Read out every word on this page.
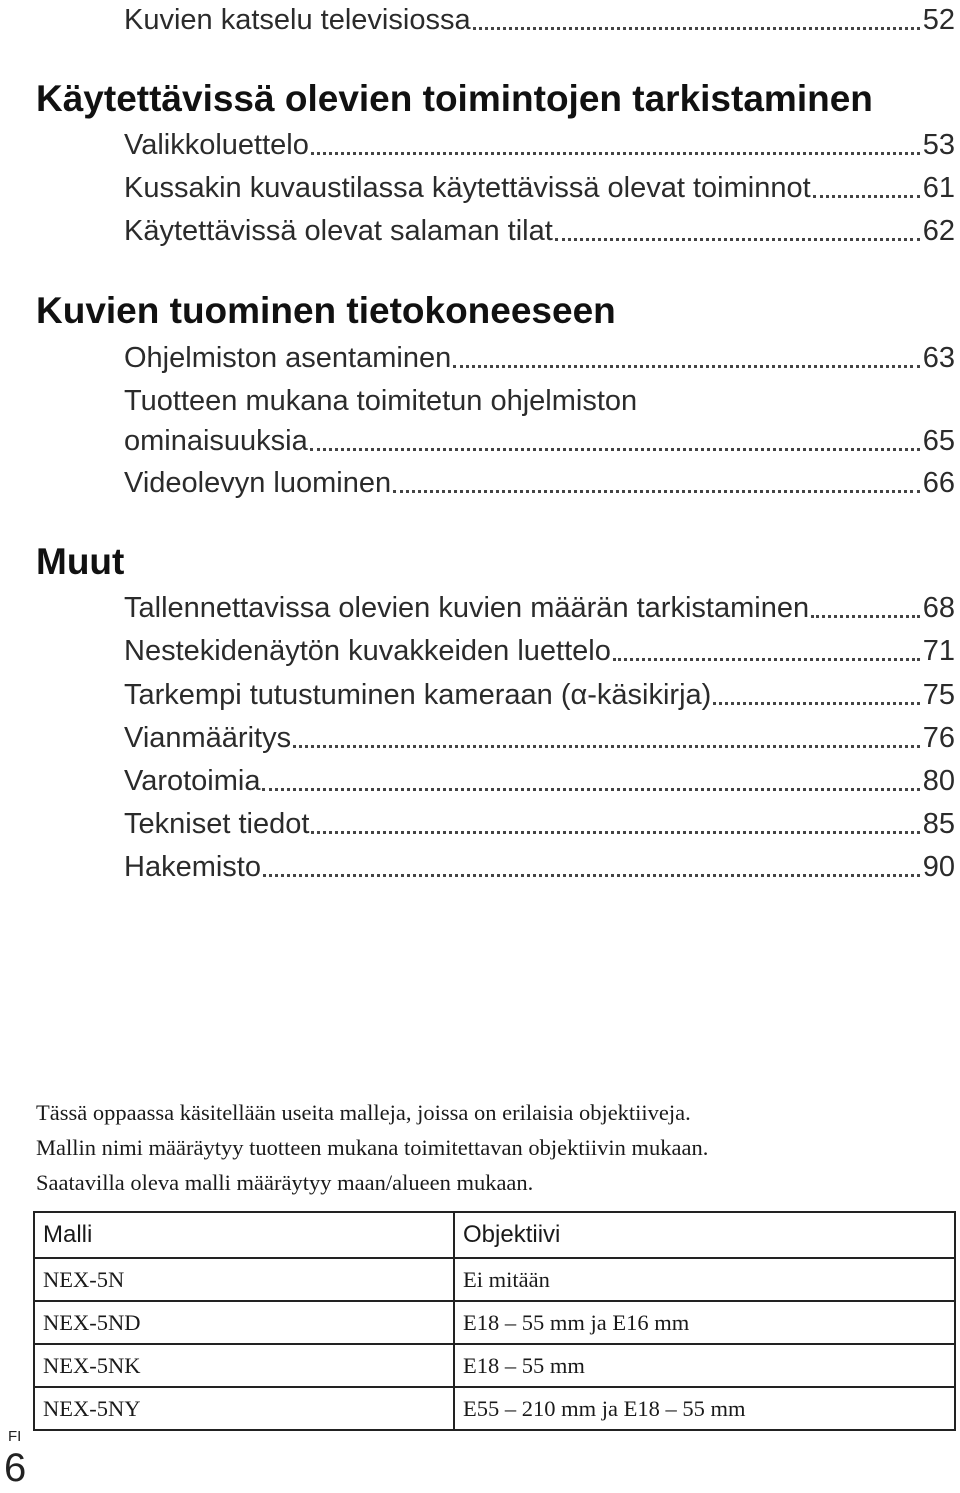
Kuvien katselu televisiossa	52
Käytettävissä olevien toimintojen tarkistaminen
Valikkoluettelo	53
Kussakin kuvaustilassa käytettävissä olevat toiminnot	61
Käytettävissä olevat salaman tilat	62
Kuvien tuominen tietokoneeseen
Ohjelmiston asentaminen	63
Tuotteen mukana toimitetun ohjelmiston
ominaisuuksia	65
Videolevyn luominen	66
Muut
Tallennettavissa olevien kuvien määrän tarkistaminen	68
Nestekidenäytön kuvakkeiden luettelo	71
Tarkempi tutustuminen kameraan (α-käsikirja)	75
Vianmääritys	76
Varotoimia	80
Tekniset tiedot	85
Hakemisto	90

Tässä oppaassa käsitellään useita malleja, joissa on erilaisia objektiiveja.

Mallin nimi määräytyy tuotteen mukana toimitettavan objektiivin mukaan.

Saatavilla oleva malli määräytyy maan/alueen mukaan.

Malli	Objektiivi
NEX-5N	Ei mitään
NEX-5ND	E18 – 55 mm ja E16 mm
NEX-5NK	E18 – 55 mm
NEX-5NY	E55 – 210 mm ja E18 – 55 mm
FI
6
